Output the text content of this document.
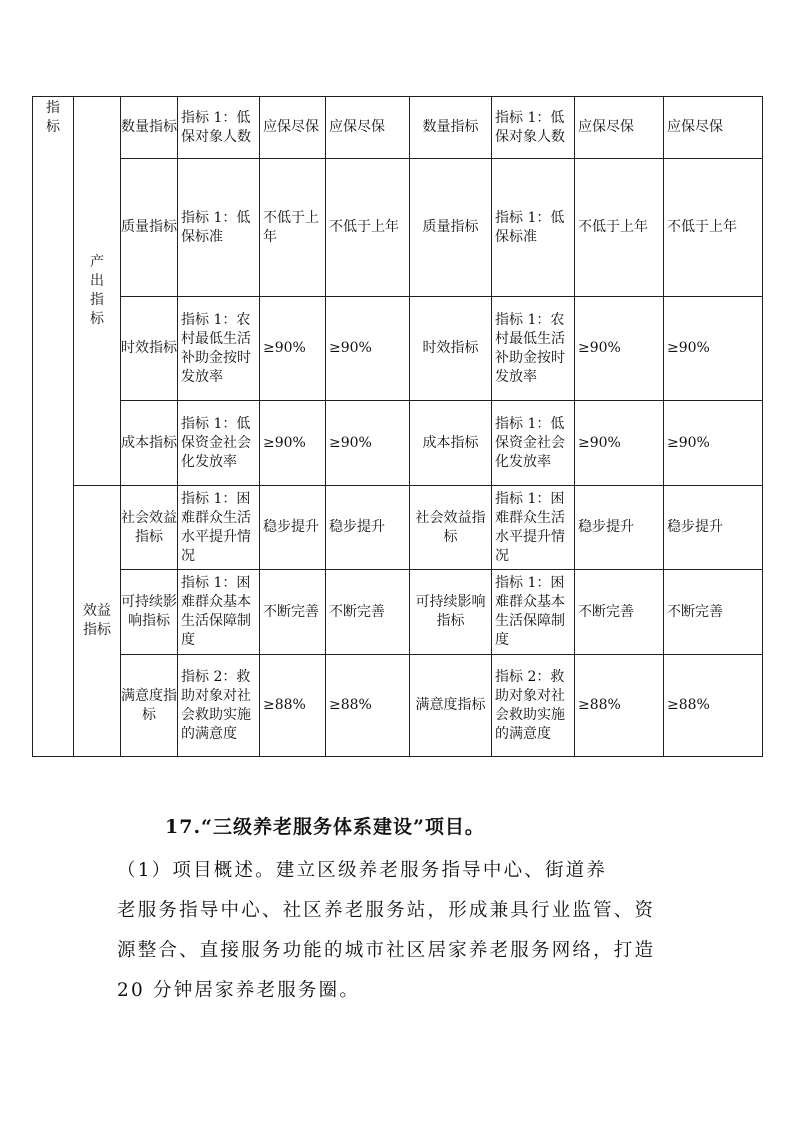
指标	产出指标	数量指标	指标 1：低保对象人数	应保尽保	应保尽保	数量指标	指标 1：低保对象人数	应保尽保	应保尽保
		质量指标	指标 1：低保标准	不低于上年	不低于上年	质量指标	指标 1：低保标准	不低于上年	不低于上年
		时效指标	指标 1：农村最低生活补助金按时发放率	≥90%	≥90%	时效指标	指标 1：农村最低生活补助金按时发放率	≥90%	≥90%
		成本指标	指标 1：低保资金社会化发放率	≥90%	≥90%	成本指标	指标 1：低保资金社会化发放率	≥90%	≥90%
	效益指标	社会效益指标	指标 1：困难群众生活水平提升情况	稳步提升	稳步提升	社会效益指标	指标 1：困难群众生活水平提升情况	稳步提升	稳步提升
		可持续影响指标	指标 1：困难群众基本生活保障制度	不断完善	不断完善	可持续影响指标	指标 1：困难群众基本生活保障制度	不断完善	不断完善
		满意度指标	指标 2：救助对象对社会救助实施的满意度	≥88%	≥88%	满意度指标	指标 2：救助对象对社会救助实施的满意度	≥88%	≥88%
17.“三级养老服务体系建设”项目。
（1）项目概述。建立区级养老服务指导中心、街道养
老服务指导中心、社区养老服务站，形成兼具行业监管、资
源整合、直接服务功能的城市社区居家养老服务网络，打造
20 分钟居家养老服务圈。
